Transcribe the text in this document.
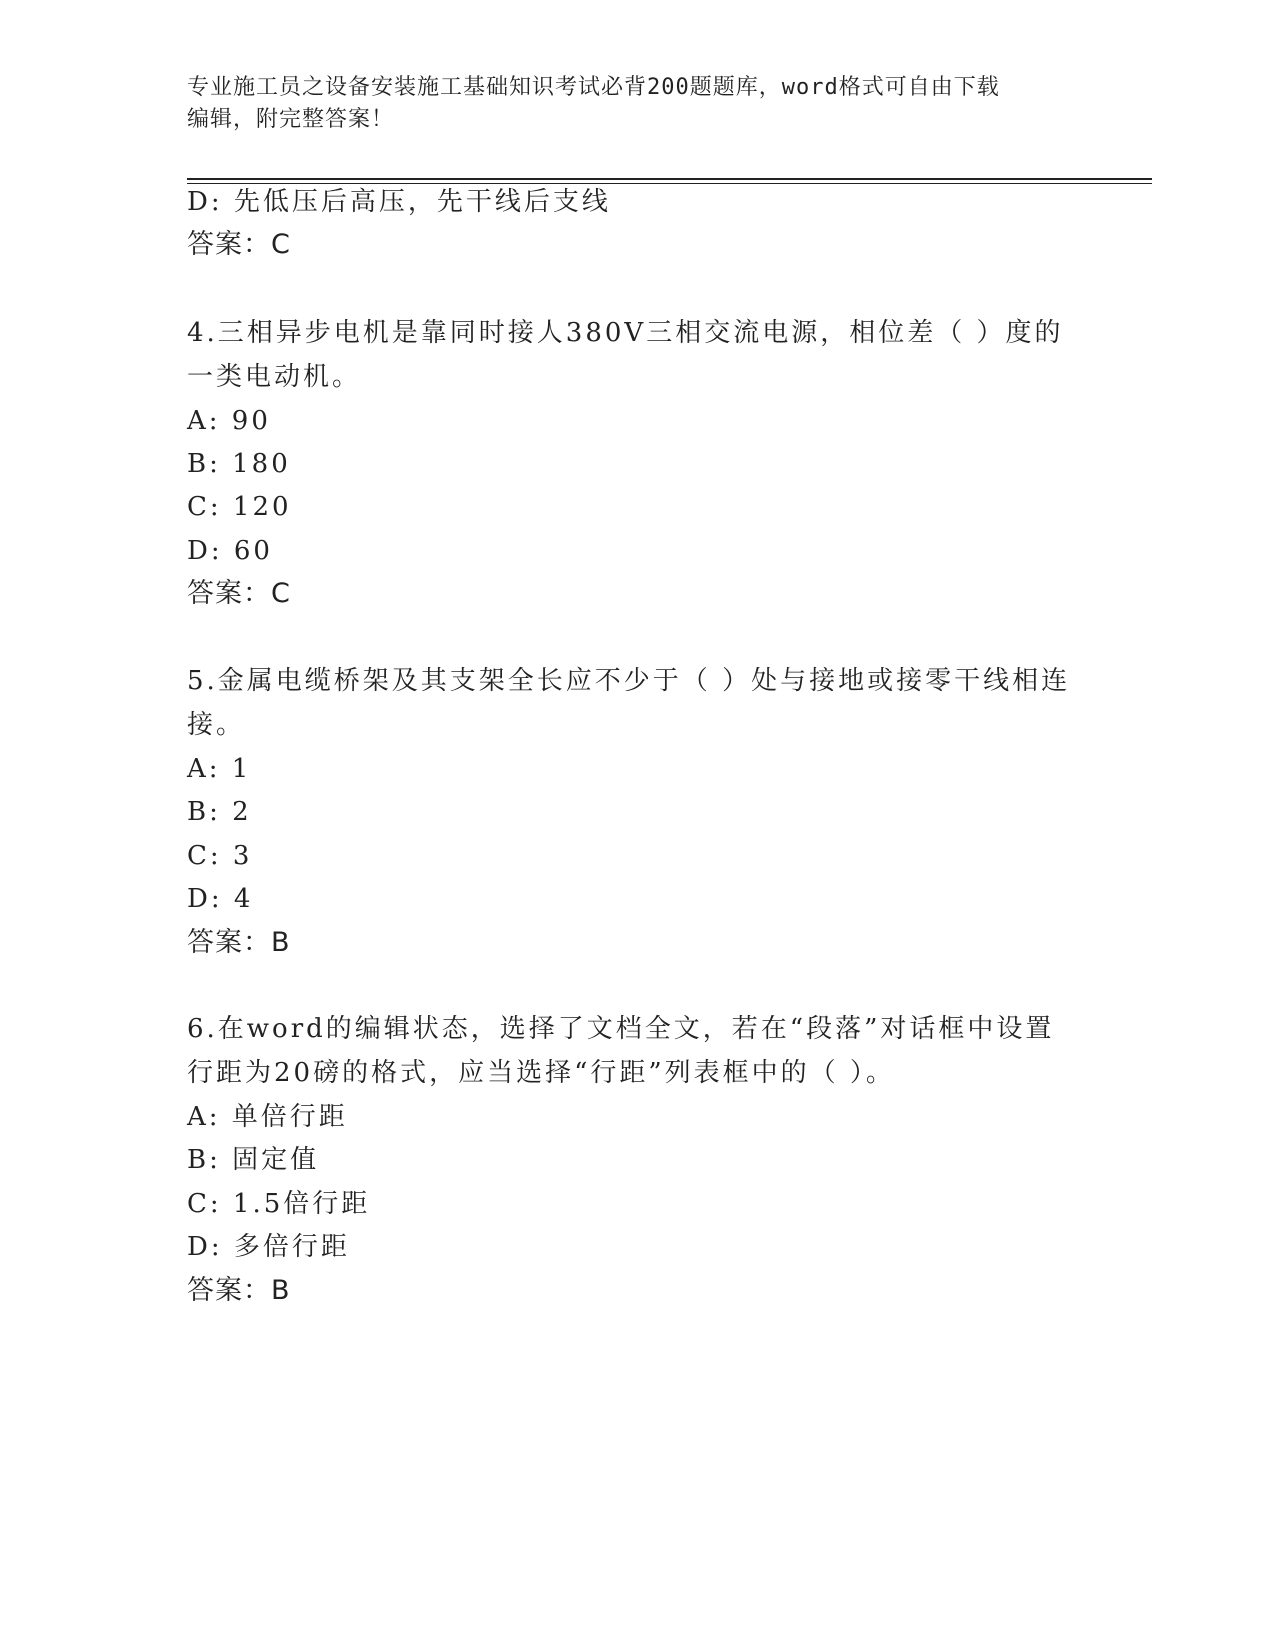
专业施工员之设备安装施工基础知识考试必背200题题库，word格式可自由下载
编辑，附完整答案！
D: 先低压后高压，先干线后支线
答案：C
4.三相异步电机是靠同时接人380V三相交流电源，相位差（ ）度的
一类电动机。
A: 90
B: 180
C: 120
D: 60
答案：C
5.金属电缆桥架及其支架全长应不少于（ ）处与接地或接零干线相连
接。
A: 1
B: 2
C: 3
D: 4
答案：B
6.在word的编辑状态，选择了文档全文，若在“段落”对话框中设置
行距为20磅的格式，应当选择“行距”列表框中的（ ）。
A: 单倍行距
B: 固定值
C: 1.5倍行距
D: 多倍行距
答案：B
